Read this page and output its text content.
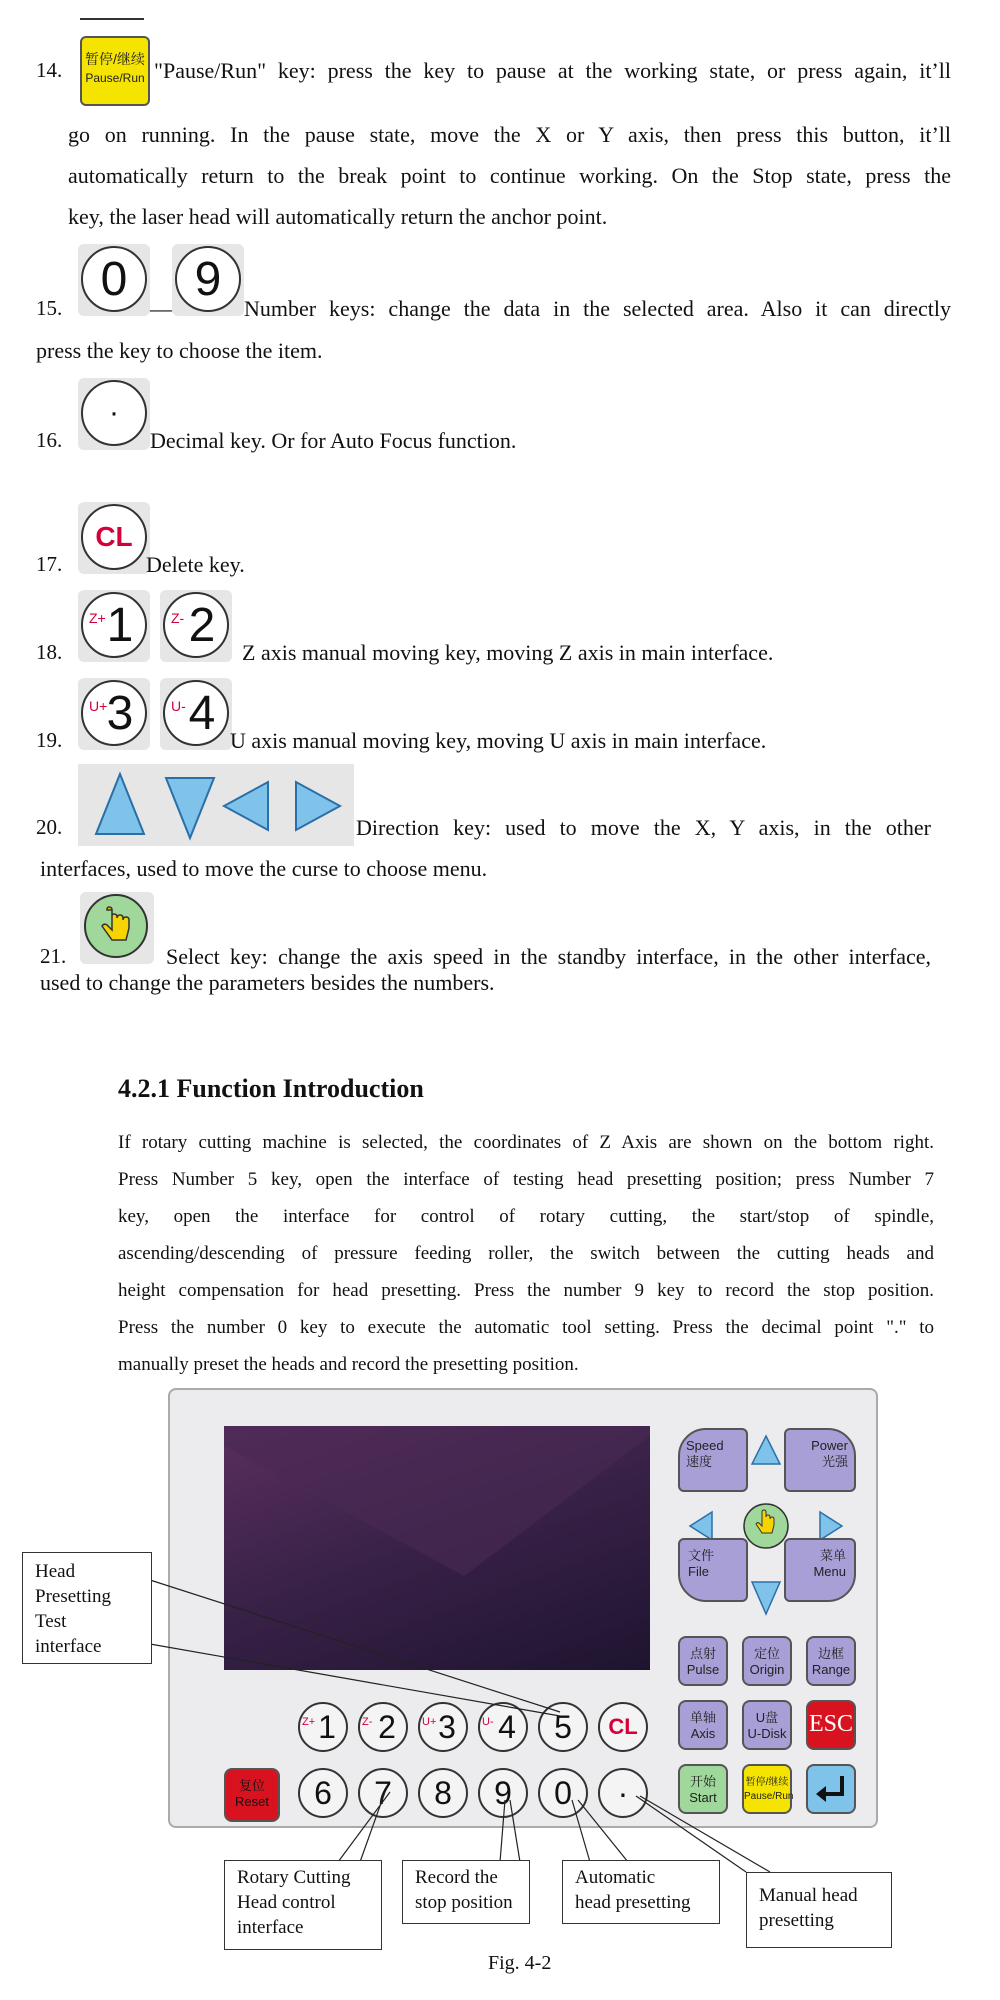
14. 暂停/继续
Pause/Run "Pause/Run" key: press the key to pause at the working state, or press again, it’ll
go on running. In the pause state, move the X or Y axis, then press this button, it’ll
automatically return to the break point to continue working. On the Stop state, press the
key, the laser head will automatically return the anchor point.
15.
0
—
9
Number keys: change the data in the selected area. Also it can directly
press the key to choose the item.
16.
·
Decimal key. Or for Auto Focus function.
17.
CL
Delete key.
18.
Z+ 1	Z- 2
Z axis manual moving key, moving Z axis in main interface.
19.
U+ 3	U- 4
U axis manual moving key, moving U axis in main interface.
20.	Direction key: used to move the X, Y axis, in the other
interfaces, used to move the curse to choose menu.
21.	Select key: change the axis speed in the standby interface, in the other interface,
used to change the parameters besides the numbers.
4.2.1 Function Introduction
If rotary cutting machine is selected, the coordinates of Z Axis are shown on the bottom right.
Press Number 5 key, open the interface of testing head presetting position; press Number 7
key, open the interface for control of rotary cutting, the start/stop of spindle,
ascending/descending of pressure feeding roller, the switch between the cutting heads and
height compensation for head presetting. Press the number 9 key to record the stop position.
Press the number 0 key to execute the automatic tool setting. Press the decimal point "." to
manually preset the heads and record the presetting position.
Speed
速度
Power
光强
文件
File
菜单
Menu
点射
Pulse
定位
Origin
边框
Range
单轴
Axis
U盘
U-Disk ESC
开始
Start
暂停/继续
Pause/Run
复位
Reset
Z+ 1 Z- 2 U+ 3 U- 4 5 CL
6 7 8 9 0 ·
Head
Presetting
Test
interface
Rotary Cutting
Head control
interface
Record the
stop position
Automatic
head presetting	Manual head
presetting
Fig. 4-2
